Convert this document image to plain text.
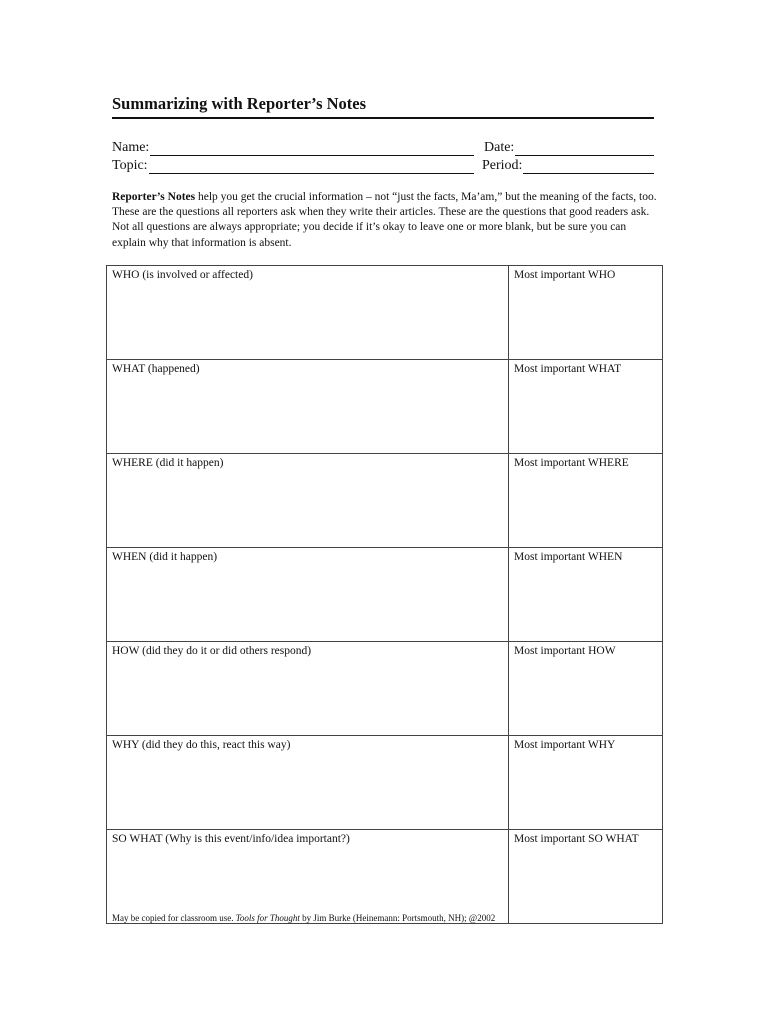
Summarizing with Reporter’s Notes
Name:	Date:
Topic:	Period:
Reporter’s Notes help you get the crucial information – not “just the facts, Ma’am,” but the meaning of the facts, too. These are the questions all reporters ask when they write their articles. These are the questions that good readers ask. Not all questions are always appropriate; you decide if it’s okay to leave one or more blank, but be sure you can explain why that information is absent.
WHO (is involved or affected)	Most important WHO
WHAT (happened)	Most important WHAT
WHERE (did it happen)	Most important WHERE
WHEN (did it happen)	Most important WHEN
HOW (did they do it or did others respond)	Most important HOW
WHY (did they do this, react this way)	Most important WHY
SO WHAT (Why is this event/info/idea important?)	Most important SO WHAT
May be copied for classroom use. Tools for Thought by Jim Burke (Heinemann: Portsmouth, NH); @2002
